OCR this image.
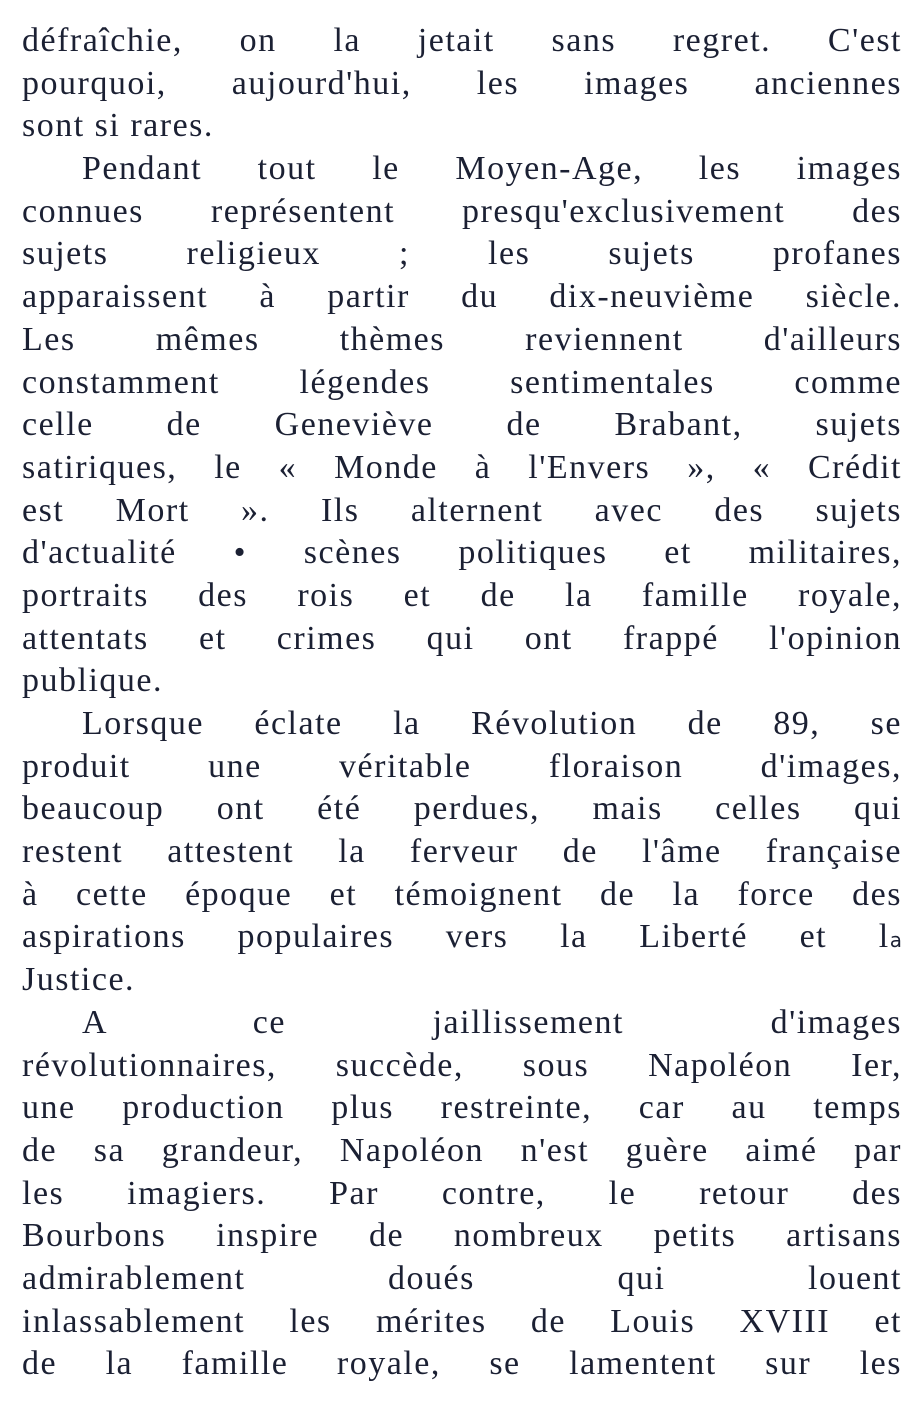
défraîchie, on la jetait sans regret. C'est
pourquoi, aujourd'hui, les images anciennes
sont si rares.
Pendant tout le Moyen-Age, les images
connues représentent presqu'exclusivement des
sujets religieux ; les sujets profanes
apparaissent à partir du dix-neuvième siècle.
Les mêmes thèmes reviennent d'ailleurs
constamment légendes sentimentales comme
celle de Geneviève de Brabant, sujets
satiriques, le « Monde à l'Envers », « Crédit
est Mort ». Ils alternent avec des sujets
d'actualité • scènes politiques et militaires,
portraits des rois et de la famille royale,
attentats et crimes qui ont frappé l'opinion
publique.
Lorsque éclate la Révolution de 89, se
produit une véritable floraison d'images,
beaucoup ont été perdues, mais celles qui
restent attestent la ferveur de l'âme française
à cette époque et témoignent de la force des
aspirations populaires vers la Liberté et la
Justice.
A ce jaillissement d'images
révolutionnaires, succède, sous Napoléon Ier,
une production plus restreinte, car au temps
de sa grandeur, Napoléon n'est guère aimé par
les imagiers. Par contre, le retour des
Bourbons inspire de nombreux petits artisans
admirablement doués qui louent
inlassablement les mérites de Louis XVIII et
de la famille royale, se lamentent sur les
